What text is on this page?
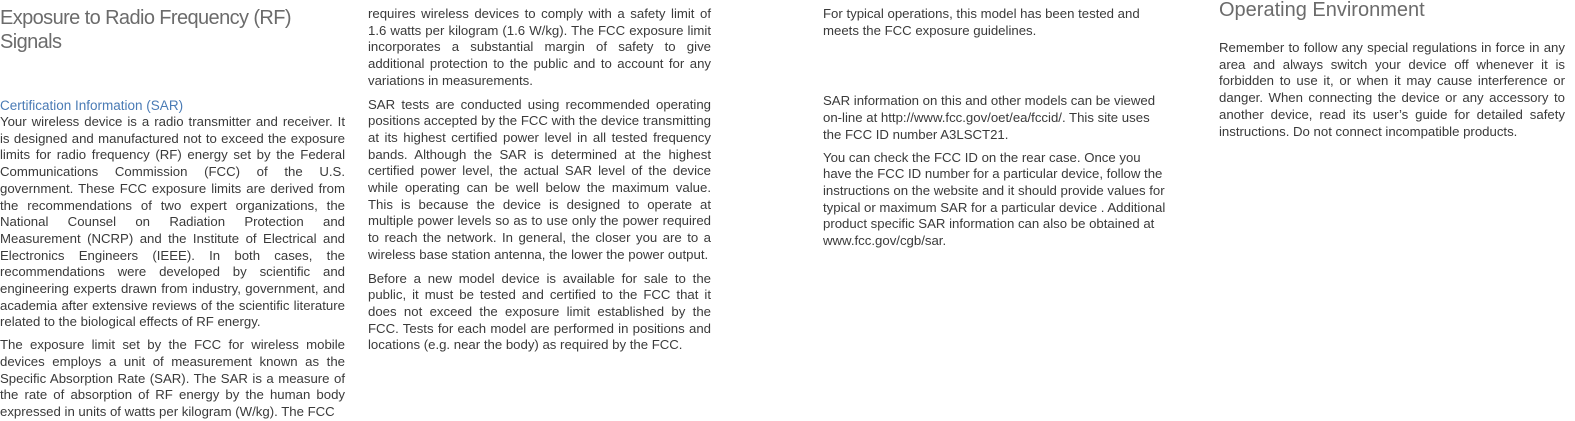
Exposure to Radio Frequency (RF) Signals
Certification Information (SAR)

Your wireless device is a radio transmitter and receiver. It is designed and manufactured not to exceed the exposure limits for radio frequency (RF) energy set by the Federal Communications Commission (FCC) of the U.S. government. These FCC exposure limits are derived from the recommendations of two expert organizations, the National Counsel on Radiation Protection and Measurement (NCRP) and the Institute of Electrical and Electronics Engineers (IEEE). In both cases, the recommendations were developed by scientific and engineering experts drawn from industry, government, and academia after extensive reviews of the scientific literature related to the biological effects of RF energy.

The exposure limit set by the FCC for wireless mobile devices employs a unit of measurement known as the Specific Absorption Rate (SAR). The SAR is a measure of the rate of absorption of RF energy by the human body expressed in units of watts per kilogram (W/kg). The FCC

requires wireless devices to comply with a safety limit of 1.6 watts per kilogram (1.6 W/kg). The FCC exposure limit incorporates a substantial margin of safety to give additional protection to the public and to account for any variations in measurements.

SAR tests are conducted using recommended operating positions accepted by the FCC with the device transmitting at its highest certified power level in all tested frequency bands. Although the SAR is determined at the highest certified power level, the actual SAR level of the device while operating can be well below the maximum value. This is because the device is designed to operate at multiple power levels so as to use only the power required to reach the network. In general, the closer you are to a wireless base station antenna, the lower the power output.

Before a new model device is available for sale to the public, it must be tested and certified to the FCC that it does not exceed the exposure limit established by the FCC. Tests for each model are performed in positions and locations (e.g. near the body) as required by the FCC.

For typical operations, this model has been tested and meets the FCC exposure guidelines.

SAR information on this and other models can be viewed on-line at http://www.fcc.gov/oet/ea/fccid/. This site uses the FCC ID number A3LSCT21.

You can check the FCC ID on the rear case. Once you have the FCC ID number for a particular device, follow the instructions on the website and it should provide values for typical or maximum SAR for a particular device . Additional product specific SAR information can also be obtained at www.fcc.gov/cgb/sar.

Operating Environment

Remember to follow any special regulations in force in any area and always switch your device off whenever it is forbidden to use it, or when it may cause interference or danger. When connecting the device or any accessory to another device, read its user’s guide for detailed safety instructions. Do not connect incompatible products.
